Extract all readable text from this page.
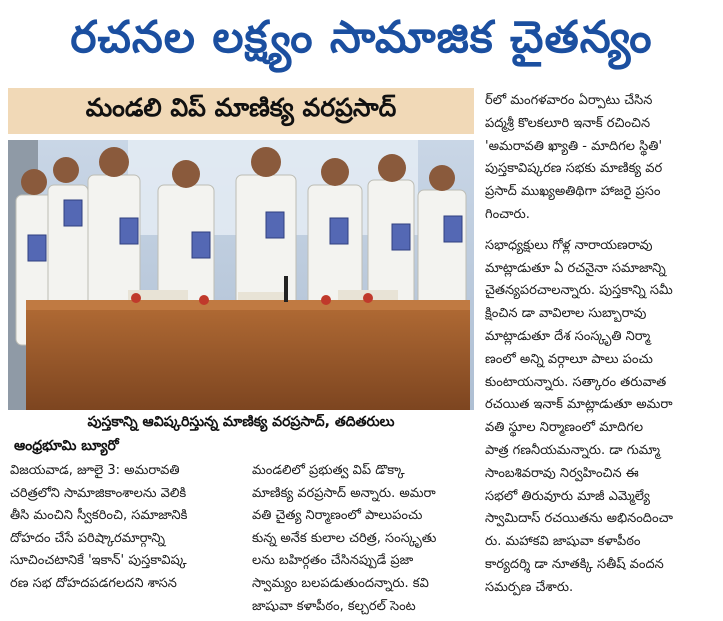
రచనల లక్ష్యం సామాజిక చైతన్యం
మండలి విప్ మాణిక్య వరప్రసాద్
పుస్తకాన్ని ఆవిష్కరిస్తున్న మాణిక్య వరప్రసాద్, తదితరులు
ఆంధ్రభూమి బ్యూరో
విజయవాడ, జూలై 3: అమరావతి
చరిత్రలోని సామాజికాంశాలను వెలికి
తీసి మంచిని స్వీకరించి, సమాజానికి
దోహదం చేసే పరిష్కారమార్గాన్ని
సూచించటానికే 'ఇకాన్' పుస్తకావిష్క
రణ సభ దోహదపడగలదని శాసన
మండలిలో ప్రభుత్వ విప్ డొక్కా
మాణిక్య వరప్రసాద్ అన్నారు. అమరా
వతి చైత్య నిర్మాణంలో పాలుపంచు
కున్న అనేక కులాల చరిత్ర, సంస్కృతు
లను బహిర్గతం చేసినప్పుడే ప్రజా
స్వామ్యం బలపడుతుందన్నారు. కవి
జాషువా కళాపీఠం, కల్చరల్ సెంట
ర్‌లో మంగళవారం ఏర్పాటు చేసిన
పద్మశ్రీ కొలకలూరి ఇనాక్ రచించిన
'అమరావతి ఖ్యాతి - మాదిగల స్థితి'
పుస్తకావిష్కరణ సభకు మాణిక్య వర
ప్రసాద్ ముఖ్యఅతిథిగా హాజరై ప్రసం
గించారు.
సభాధ్యక్షులు గోళ్ల నారాయణరావు
మాట్లాడుతూ ఏ రచనైనా సమాజాన్ని
చైతన్యపరచాలన్నారు. పుస్తకాన్ని సమీ
క్షించిన డా వావిలాల సుబ్బారావు
మాట్లాడుతూ దేశ సంస్కృతి నిర్మా
ణంలో అన్ని వర్గాలూ పాలు పంచు
కుంటాయన్నారు. సత్కారం తరువాత
రచయిత ఇనాక్ మాట్లాడుతూ అమరా
వతి స్థూల నిర్మాణంలో మాదిగల
పాత్ర గణనీయమన్నారు. డా గుమ్మా
సాంబశివరావు నిర్వహించిన ఈ
సభలో తిరువూరు మాజీ ఎమ్మెల్యే
స్వామిదాస్ రచయితను అభినందించా
రు. మహాకవి జాషువా కళాపీఠం
కార్యదర్శి డా నూతక్కి సతీష్ వందన
సమర్పణ చేశారు.
